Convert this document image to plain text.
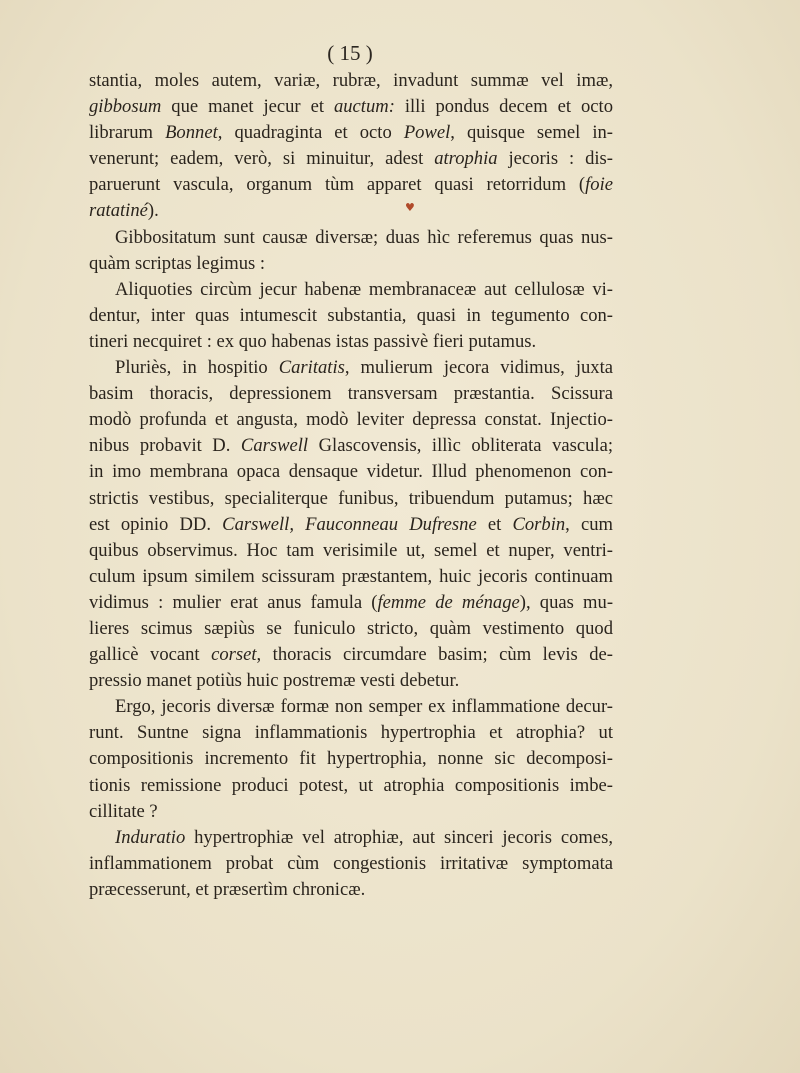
( 15 )
♥
stantia, moles autem, variæ, rubræ, invadunt summæ vel imæ,
gibbosum que manet jecur et auctum: illi pondus decem et octo
librarum Bonnet, quadraginta et octo Powel, quisque semel in-
venerunt; eadem, verò, si minuitur, adest atrophia jecoris : dis-
paruerunt vascula, organum tùm apparet quasi retorridum (foie
ratatiné).
Gibbositatum sunt causæ diversæ; duas hìc referemus quas nus-
quàm scriptas legimus :
Aliquoties circùm jecur habenæ membranaceæ aut cellulosæ vi-
dentur, inter quas intumescit substantia, quasi in tegumento con-
tineri necquiret : ex quo habenas istas passivè fieri putamus.
Pluriès, in hospitio Caritatis, mulierum jecora vidimus, juxta
basim thoracis, depressionem transversam præstantia. Scissura
modò profunda et angusta, modò leviter depressa constat. Injectio-
nibus probavit D. Carswell Glascovensis, illìc obliterata vascula;
in imo membrana opaca densaque videtur. Illud phenomenon con-
strictis vestibus, specialiterque funibus, tribuendum putamus; hæc
est opinio DD. Carswell, Fauconneau Dufresne et Corbin, cum
quibus observimus. Hoc tam verisimile ut, semel et nuper, ventri-
culum ipsum similem scissuram præstantem, huic jecoris continuam
vidimus : mulier erat anus famula (femme de ménage), quas mu-
lieres scimus sæpiùs se funiculo stricto, quàm vestimento quod
gallicè vocant corset, thoracis circumdare basim; cùm levis de-
pressio manet potiùs huic postremæ vesti debetur.
Ergo, jecoris diversæ formæ non semper ex inflammatione decur-
runt. Suntne signa inflammationis hypertrophia et atrophia? ut
compositionis incremento fit hypertrophia, nonne sic decomposi-
tionis remissione produci potest, ut atrophia compositionis imbe-
cillitate ?
Induratio hypertrophiæ vel atrophiæ, aut sinceri jecoris comes,
inflammationem probat cùm congestionis irritativæ symptomata
præcesserunt, et præsertìm chronicæ.
